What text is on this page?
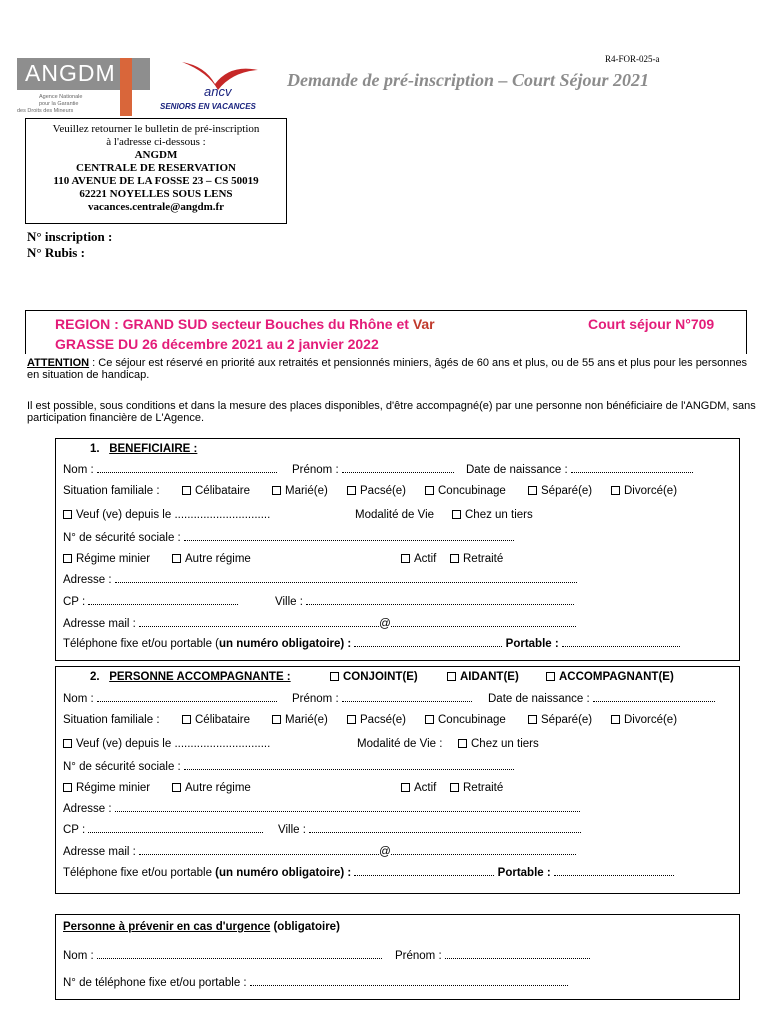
R4-FOR-025-a
ANGDM
Agence Nationale
pour la Garantie
des Droits des Mineurs
ancv
SENIORS EN VACANCES
Demande de pré-inscription – Court Séjour 2021
Veuillez retourner le bulletin de pré-inscription
à l'adresse ci-dessous :
ANGDM
CENTRALE DE RESERVATION
110 AVENUE DE LA FOSSE 23 – CS 50019
62221 NOYELLES SOUS LENS
vacances.centrale@angdm.fr
N° inscription :
N° Rubis :
REGION : GRAND SUD secteur Bouches du Rhône et Var
GRASSE DU 26 décembre 2021 au 2 janvier 2022
Court séjour N°709
ATTENTION : Ce séjour est réservé en priorité aux retraités et pensionnés miniers, âgés de 60 ans et plus, ou de 55 ans et plus pour les personnes en situation de handicap.
Il est possible, sous conditions et dans la mesure des places disponibles, d'être accompagné(e) par une personne non bénéficiaire de l'ANGDM, sans participation financière de L'Agence.
1. BENEFICIAIRE :
Nom :	Prénom :	Date de naissance :
Situation familiale :	Célibataire	Marié(e)	Pacsé(e)	Concubinage	Séparé(e)	Divorcé(e)
Veuf (ve) depuis le ..............................	Modalité de Vie	Chez un tiers
N° de sécurité sociale :
Régime minier	Autre régime	Actif	Retraité
Adresse :
CP :	Ville :
Adresse mail :	@
Téléphone fixe et/ou portable (un numéro obligatoire) :	Portable :
2. PERSONNE ACCOMPAGNANTE :	CONJOINT(E)	AIDANT(E)	ACCOMPAGNANT(E)
Nom :	Prénom :	Date de naissance :
Situation familiale :	Célibataire	Marié(e)	Pacsé(e)	Concubinage	Séparé(e)	Divorcé(e)
Veuf (ve) depuis le ..............................	Modalité de Vie :	Chez un tiers
N° de sécurité sociale :
Régime minier	Autre régime	Actif	Retraité
Adresse :
CP :	Ville :
Adresse mail :	@
Téléphone fixe et/ou portable (un numéro obligatoire) :	Portable :
Personne à prévenir en cas d'urgence (obligatoire)
Nom :	Prénom :
N° de téléphone fixe et/ou portable :
